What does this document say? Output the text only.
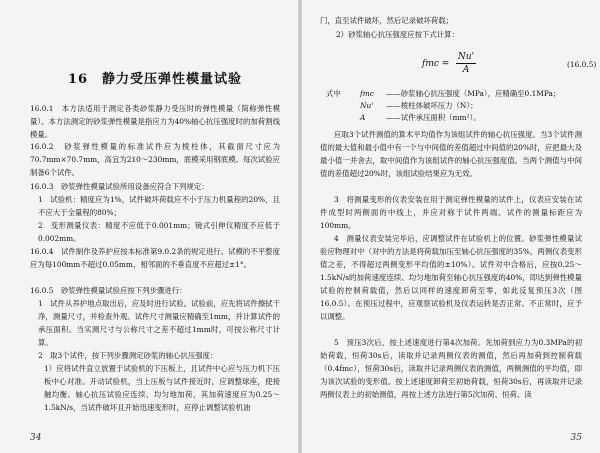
16　静力受压弹性模量试验
16.0.1　本方法适用于测定各类砂浆静力受压时的弹性模量（简称弹性模量）。本方法测定的砂浆弹性模量是指应力为40%轴心抗压强度时的加荷割线模量。
16.0.2　砂浆弹性模量的标准试件应为棱柱体，其截面尺寸应为70.7mm×70.7mm，高宜为210～230mm，底模采用钢底模。每次试验应制备6个试件。
16.0.3　砂浆弹性模量试验所用设备应符合下列规定：
1　试验机：精度应为1%，试件破坏荷载应不小于压力机量程的20%，且不应大于全量程的80%；
2　变形测量仪表：精度不应低于0.001mm；镜式引伸仪精度不应低于0.002mm。
16.0.4　试件制作及养护应按本标准第9.0.2条的规定进行。试模的不平整度应为每100mm不超过0.05mm，相邻面的不垂直度不应超过±1°。
16.0.5　砂浆弹性模量试验应按下列步骤进行：
1　试件从养护地点取出后，应及时进行试验。试验前，应先将试件擦拭干净，测量尺寸，并检查外观。试件尺寸测量应精确至1mm，并计算试件的承压面积。当实测尺寸与公称尺寸之差不超过1mm时，可按公称尺寸计算。
2　取3个试件，按下列步骤测定砂浆的轴心抗压强度：
1）应将试件直立放置于试验机的下压板上，且试件中心应与压力机下压板中心对准。开动试验机，当上压板与试件接近时，应调整球座，使接触均衡。轴心抗压试验应连续、均匀地加荷，其加荷速度应为0.25～1.5kN/s，当试件破坏且开始迅速变形时，应停止调整试验机油
34
门，直至试件破坏，然后记录破坏荷载；
2）砂浆轴心抗压强度应按下式计算：
fmc =
Nu'
A
(16.0.5)
式中	fmc ——砂浆轴心抗压强度（MPa），应精确至0.1MPa；
Nu' ——棱柱体破坏压力（N）；
A	——试件承压面积（mm²）。
应取3个试件测值的算术平均值作为该组试件的轴心抗压强度。当3个试件测值的最大值和最小值中有一个与中间值的差值超过中间值的20%时，应把最大及最小值一并舍去，取中间值作为该组试件的轴心抗压强度值。当两个测值与中间值的差值超过20%时，该组试验结果应为无效。
3　将测量变形的仪表安装在用于测定弹性模量的试件上，仪表应安装在试件成型时两侧面的中线上，并应对称于试件两端。试件的测量标距应为100mm。
4　测量仪表安装完毕后，应调整试件在试验机上的位置。砂浆弹性模量试验应物理对中（对中的方法是将荷载加压至轴心抗压强度的35%，两侧仪表变形值之差，不得超过两侧变形平均值的±10%）。试件对中合格后，应按0.25～1.5kN/s的加荷速度连续、均匀地加荷至轴心抗压强度的40%，即达到弹性模量试验的控制荷载值，然后以同样的速度卸荷至零，如此反复预压3次（图16.0.5）。在预压过程中，应观察试验机及仪表运转是否正常。不正常时，应予以调整。
5　预压3次后，按上述速度进行第4次加荷。先加荷到应力为0.3MPa的初始荷载，恒荷30s后，读取并记录两侧仪表的测值，然后再加荷到控制荷载（0.4fmc），恒荷30s后，读取并记录两侧仪表的测值，两侧测值的平均值，即为该次试验的变形值。按上述速度卸荷至初始荷载，恒荷30s后，再读取并记录两侧仪表上的初始测值，再按上述方法进行第5次加荷、恒荷、读
35
